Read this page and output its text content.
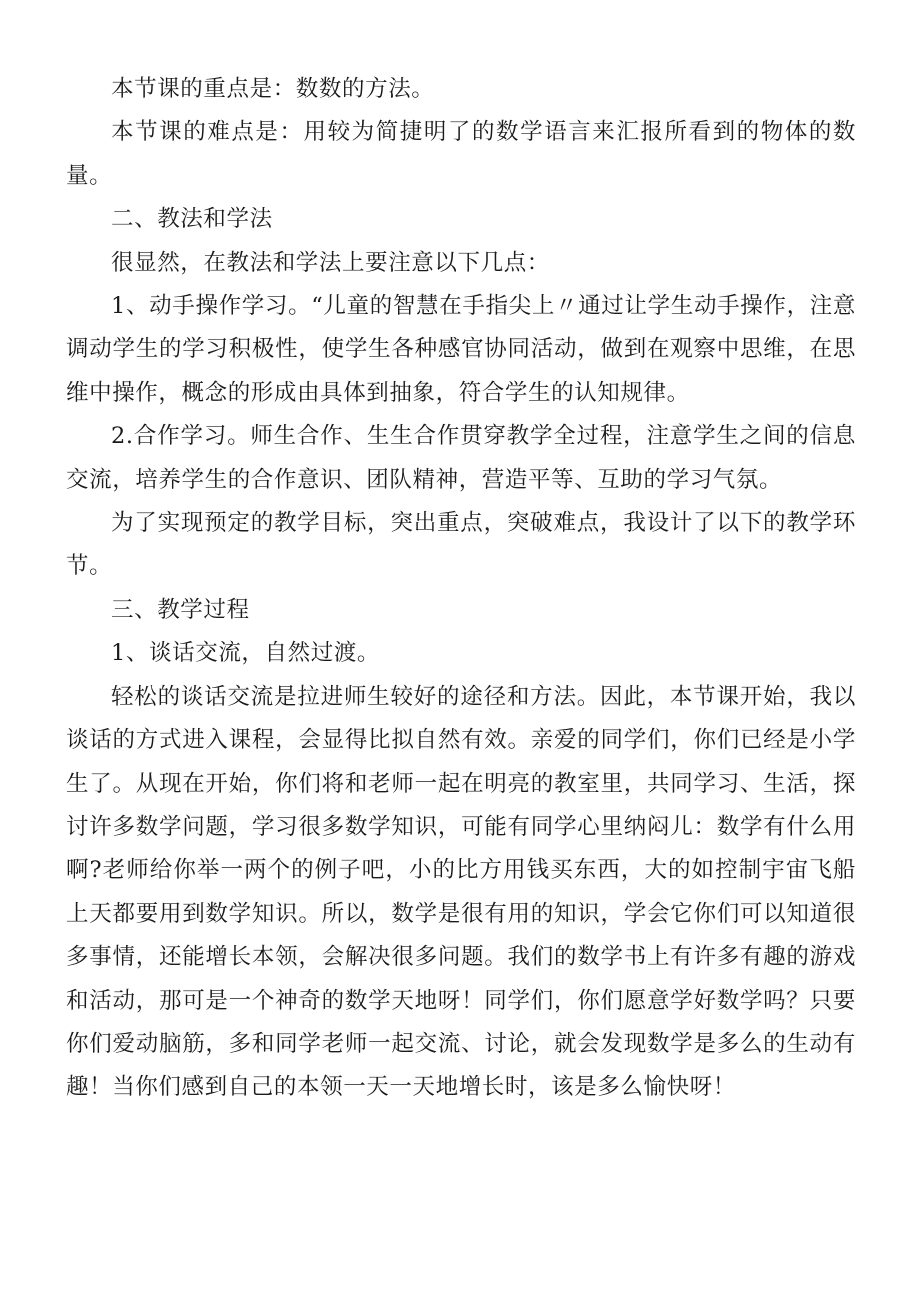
本节课的重点是：数数的方法。

本节课的难点是：用较为简捷明了的数学语言来汇报所看到的物体的数量。

二、教法和学法

很显然，在教法和学法上要注意以下几点：

1、动手操作学习。“儿童的智慧在手指尖上〃通过让学生动手操作，注意调动学生的学习积极性，使学生各种感官协同活动，做到在观察中思维，在思维中操作，概念的形成由具体到抽象，符合学生的认知规律。

2.合作学习。师生合作、生生合作贯穿教学全过程，注意学生之间的信息交流，培养学生的合作意识、团队精神，营造平等、互助的学习气氛。

为了实现预定的教学目标，突出重点，突破难点，我设计了以下的教学环节。

三、教学过程

1、谈话交流，自然过渡。

轻松的谈话交流是拉进师生较好的途径和方法。因此，本节课开始，我以谈话的方式进入课程，会显得比拟自然有效。亲爱的同学们，你们已经是小学生了。从现在开始，你们将和老师一起在明亮的教室里，共同学习、生活，探讨许多数学问题，学习很多数学知识，可能有同学心里纳闷儿：数学有什么用啊?老师给你举一两个的例子吧，小的比方用钱买东西，大的如控制宇宙飞船上天都要用到数学知识。所以，数学是很有用的知识，学会它你们可以知道很多事情，还能增长本领，会解决很多问题。我们的数学书上有许多有趣的游戏和活动，那可是一个神奇的数学天地呀！同学们，你们愿意学好数学吗？只要你们爱动脑筋，多和同学老师一起交流、讨论，就会发现数学是多么的生动有趣！当你们感到自己的本领一天一天地增长时，该是多么愉快呀！
